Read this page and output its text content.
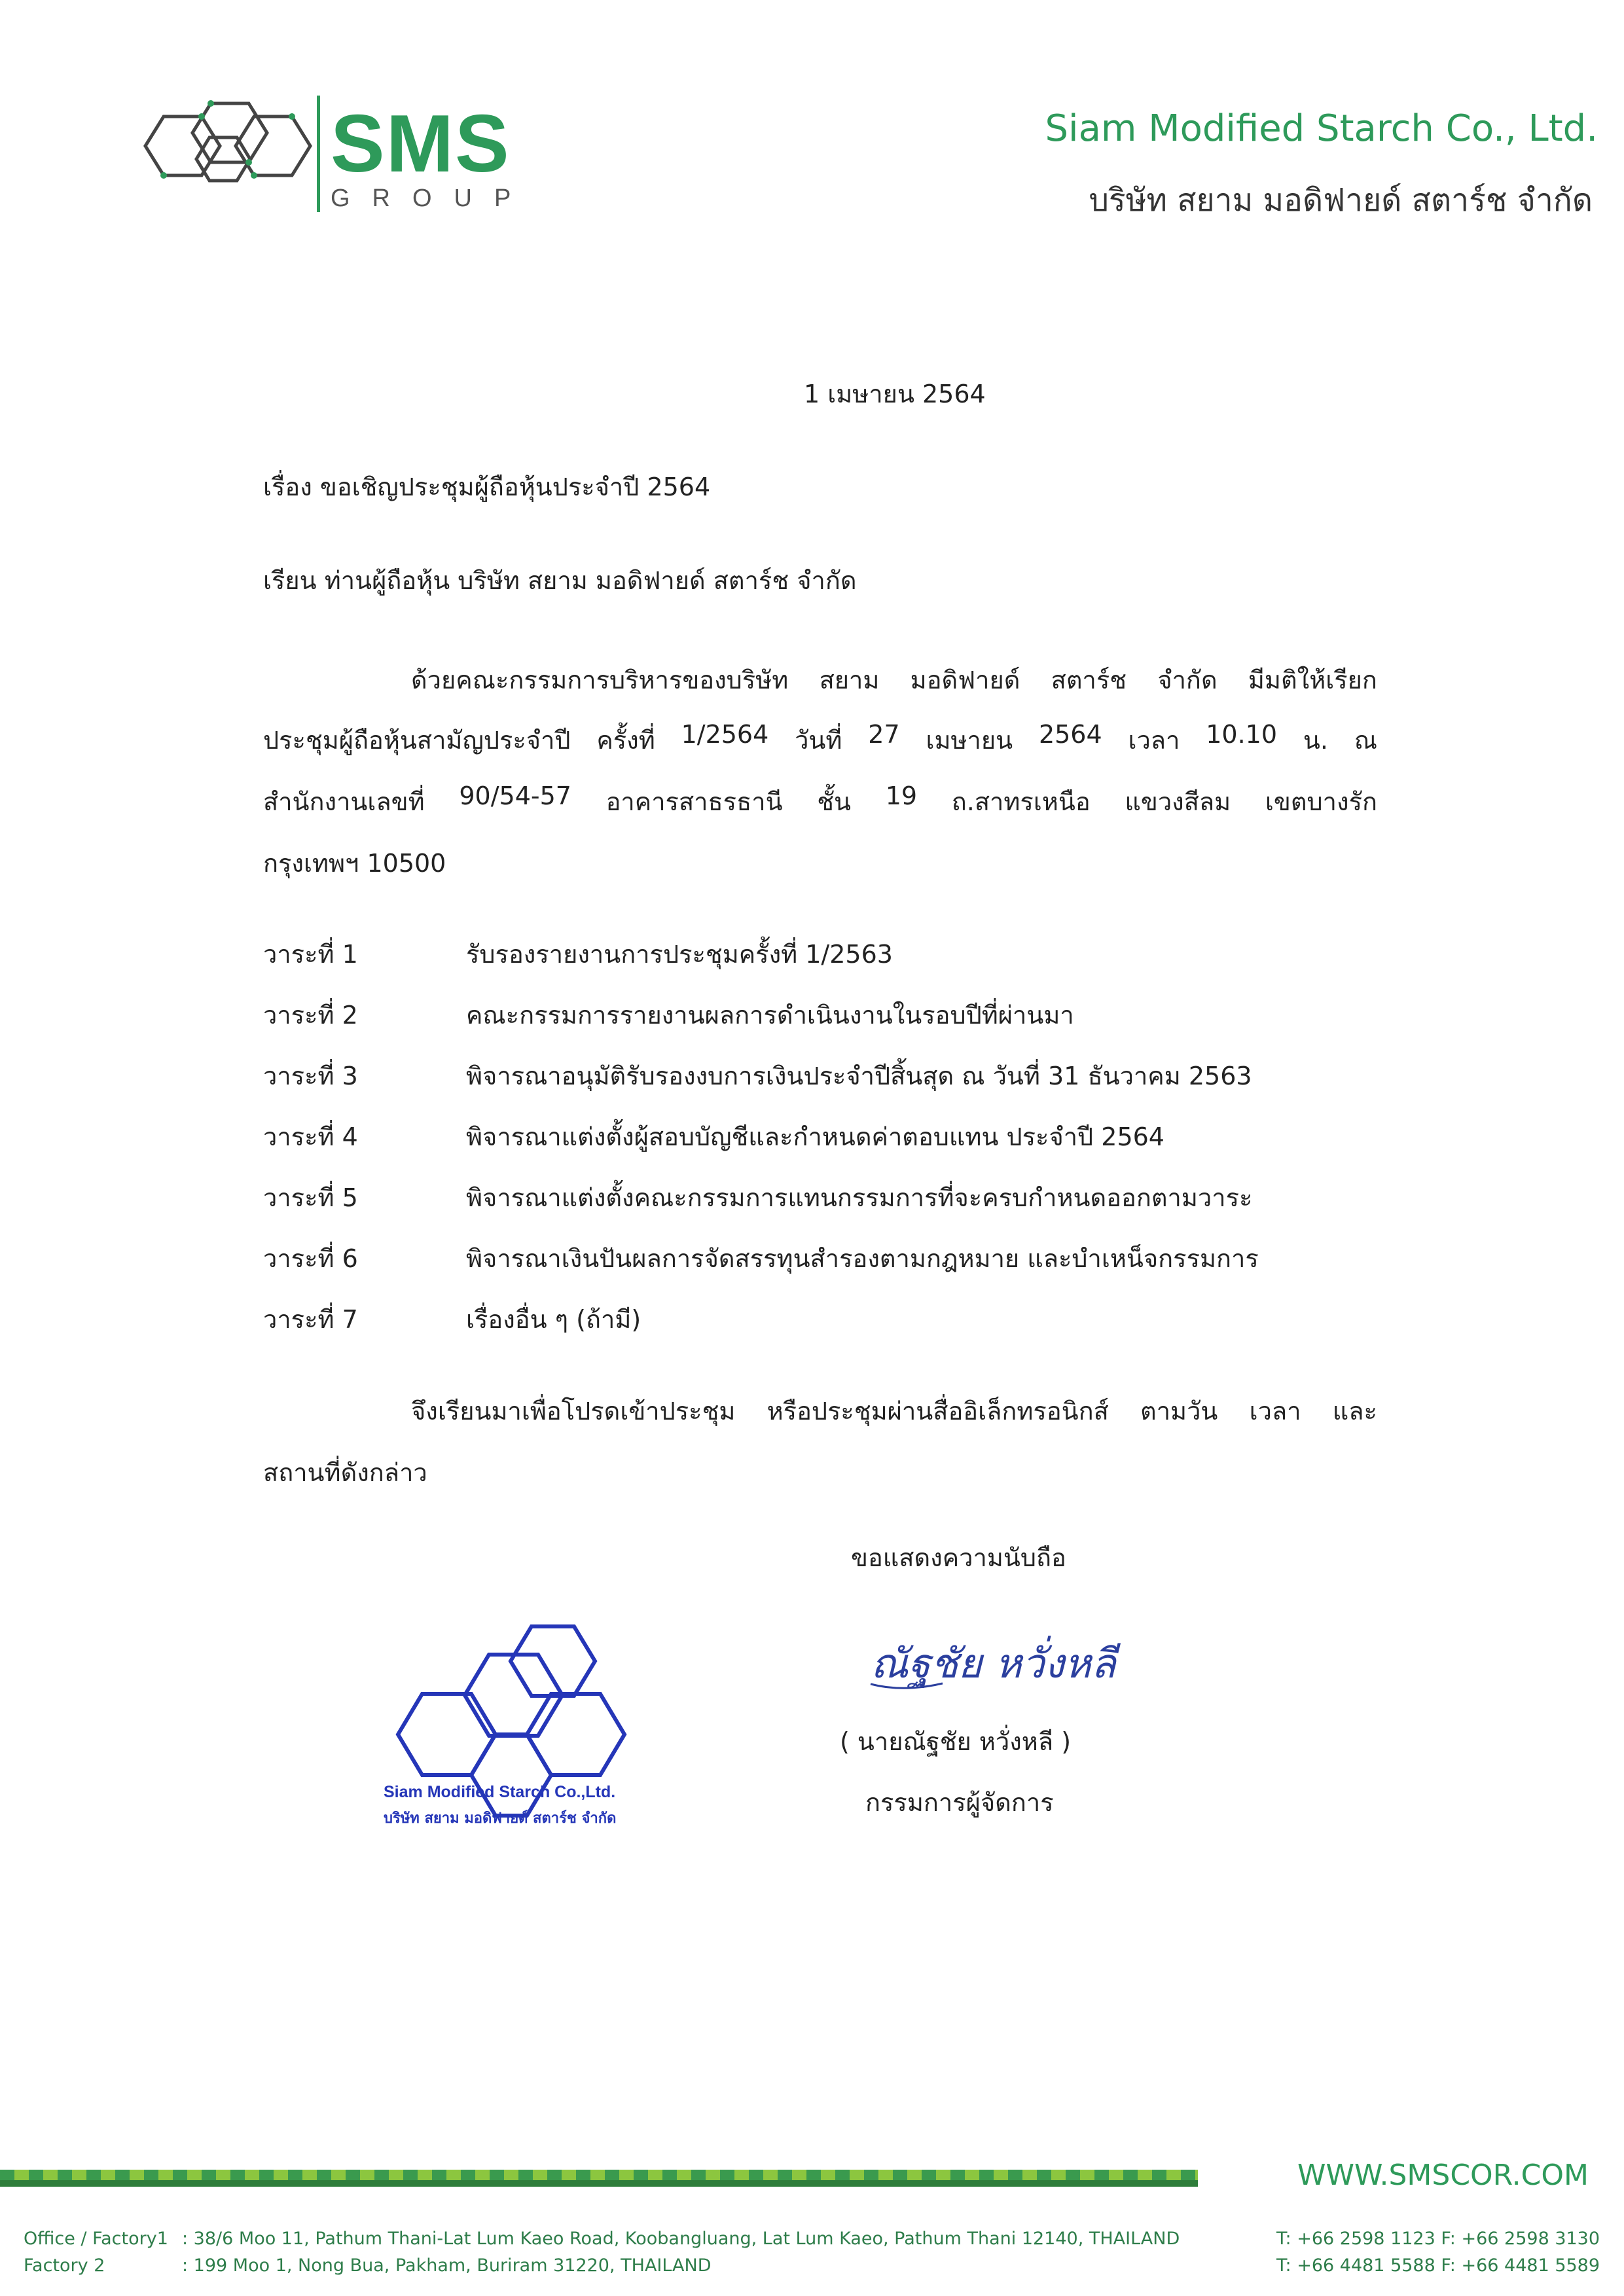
SMS
GROUP
Siam Modified Starch Co., Ltd.
บริษัท สยาม มอดิฟายด์ สตาร์ช จำกัด
1 เมษายน 2564
เรื่อง ขอเชิญประชุมผู้ถือหุ้นประจำปี 2564
เรียน ท่านผู้ถือหุ้น บริษัท สยาม มอดิฟายด์ สตาร์ช จำกัด
ด้วยคณะกรรมการบริหารของบริษัท สยาม มอดิฟายด์ สตาร์ช จำกัด มีมติให้เรียก
ประชุมผู้ถือหุ้นสามัญประจำปี ครั้งที่ 1/2564 วันที่ 27 เมษายน 2564 เวลา 10.10 น. ณ
สำนักงานเลขที่ 90/54-57 อาคารสาธรธานี ชั้น 19 ถ.สาทรเหนือ แขวงสีลม เขตบางรัก
กรุงเทพฯ 10500
วาระที่ 1	รับรองรายงานการประชุมครั้งที่ 1/2563
วาระที่ 2	คณะกรรมการรายงานผลการดำเนินงานในรอบปีที่ผ่านมา
วาระที่ 3	พิจารณาอนุมัติรับรองงบการเงินประจำปีสิ้นสุด ณ วันที่ 31 ธันวาคม 2563
วาระที่ 4	พิจารณาแต่งตั้งผู้สอบบัญชีและกำหนดค่าตอบแทน ประจำปี 2564
วาระที่ 5	พิจารณาแต่งตั้งคณะกรรมการแทนกรรมการที่จะครบกำหนดออกตามวาระ
วาระที่ 6	พิจารณาเงินปันผลการจัดสรรทุนสำรองตามกฎหมาย และบำเหน็จกรรมการ
วาระที่ 7	เรื่องอื่น ๆ (ถ้ามี)
จึงเรียนมาเพื่อโปรดเข้าประชุม หรือประชุมผ่านสื่ออิเล็กทรอนิกส์ ตามวัน เวลา และ
สถานที่ดังกล่าว
ขอแสดงความนับถือ
ณัฐชัย หวั่งหลี
( นายณัฐชัย หวั่งหลี )
กรรมการผู้จัดการ
Siam Modified Starch Co.,Ltd.
บริษัท สยาม มอดิฟายด์ สตาร์ช จำกัด
WWW.SMSCOR.COM
Office / Factory1 : 38/6 Moo 11, Pathum Thani-Lat Lum Kaeo Road, Koobangluang, Lat Lum Kaeo, Pathum Thani 12140, THAILAND	T: +66 2598 1123 F: +66 2598 3130
Factory 2	: 199 Moo 1, Nong Bua, Pakham, Buriram 31220, THAILAND	T: +66 4481 5588 F: +66 4481 5589
